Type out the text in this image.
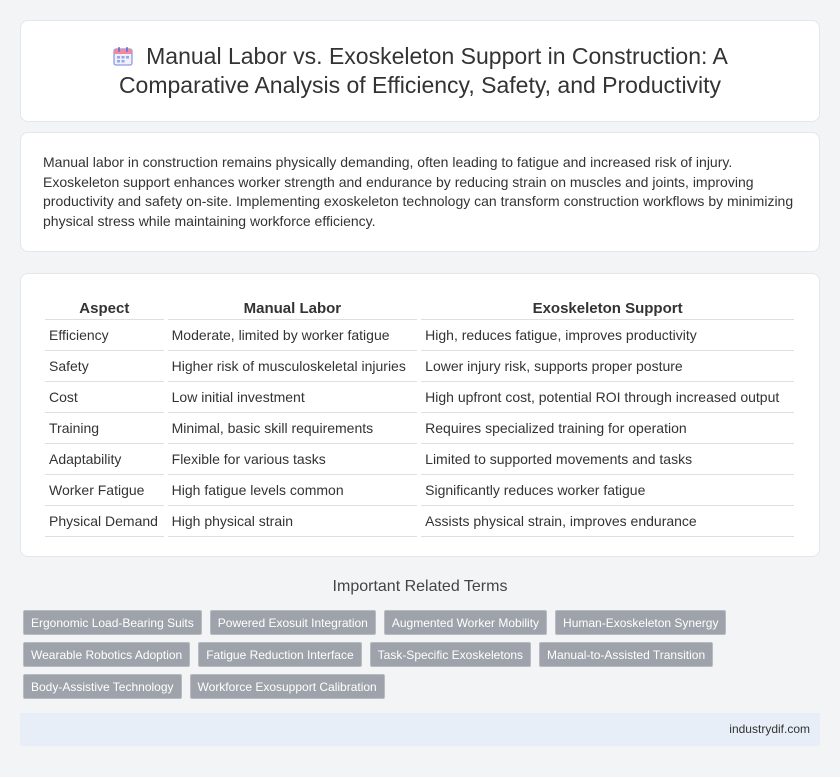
Manual Labor vs. Exoskeleton Support in Construction: A Comparative Analysis of Efficiency, Safety, and Productivity

Manual labor in construction remains physically demanding, often leading to fatigue and increased risk of injury. Exoskeleton support enhances worker strength and endurance by reducing strain on muscles and joints, improving productivity and safety on-site. Implementing exoskeleton technology can transform construction workflows by minimizing physical stress while maintaining workforce efficiency.

Aspect	Manual Labor	Exoskeleton Support
Efficiency	Moderate, limited by worker fatigue	High, reduces fatigue, improves productivity
Safety	Higher risk of musculoskeletal injuries	Lower injury risk, supports proper posture
Cost	Low initial investment	High upfront cost, potential ROI through increased output
Training	Minimal, basic skill requirements	Requires specialized training for operation
Adaptability	Flexible for various tasks	Limited to supported movements and tasks
Worker Fatigue	High fatigue levels common	Significantly reduces worker fatigue
Physical Demand	High physical strain	Assists physical strain, improves endurance
Important Related Terms
Ergonomic Load-Bearing Suits	Powered Exosuit Integration	Augmented Worker Mobility	Human-Exoskeleton Synergy
Wearable Robotics Adoption	Fatigue Reduction Interface	Task-Specific Exoskeletons	Manual-to-Assisted Transition
Body-Assistive Technology	Workforce Exosupport Calibration
industrydif.com
